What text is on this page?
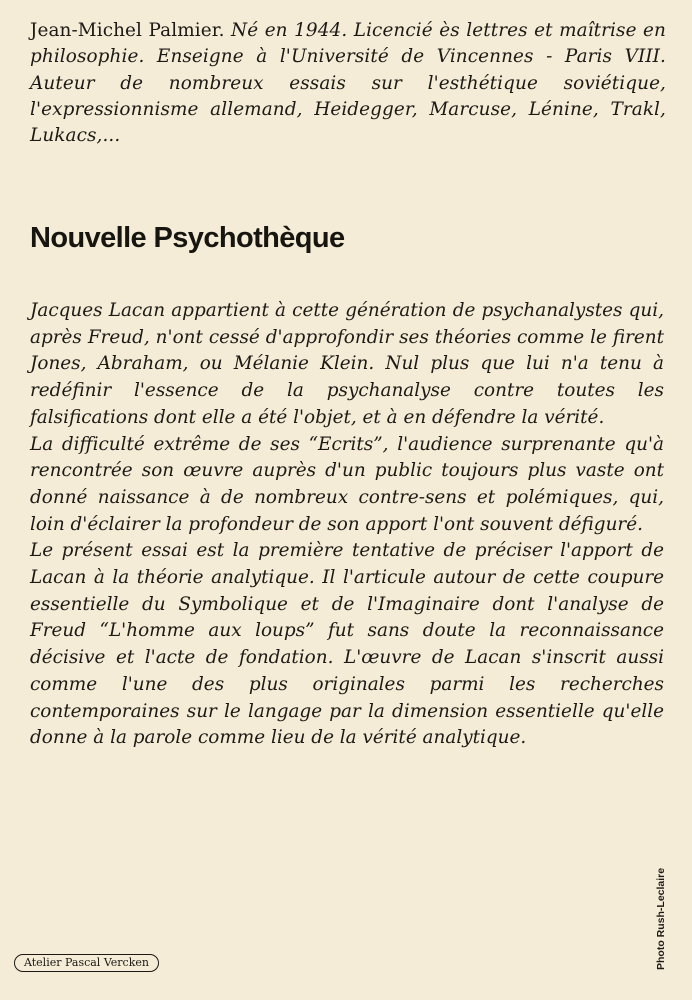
Jean-Michel Palmier. Né en 1944. Licencié ès lettres et maîtrise en philosophie. Enseigne à l'Université de Vincennes - Paris VIII. Auteur de nombreux essais sur l'esthétique soviétique, l'expressionnisme allemand, Heidegger, Marcuse, Lénine, Trakl, Lukacs,...
Nouvelle Psychothèque

Jacques Lacan appartient à cette génération de psychanalystes qui, après Freud, n'ont cessé d'approfondir ses théories comme le firent Jones, Abraham, ou Mélanie Klein. Nul plus que lui n'a tenu à redéfinir l'essence de la psychanalyse contre toutes les falsifications dont elle a été l'objet, et à en défendre la vérité.

La difficulté extrême de ses “Ecrits”, l'audience surprenante qu'à rencontrée son œuvre auprès d'un public toujours plus vaste ont donné naissance à de nombreux contre-sens et polémiques, qui, loin d'éclairer la profondeur de son apport l'ont souvent défiguré.

Le présent essai est la première tentative de préciser l'apport de Lacan à la théorie analytique. Il l'articule autour de cette coupure essentielle du Symbolique et de l'Imaginaire dont l'analyse de Freud “L'homme aux loups” fut sans doute la reconnaissance décisive et l'acte de fondation. L'œuvre de Lacan s'inscrit aussi comme l'une des plus originales parmi les recherches contemporaines sur le langage par la dimension essentielle qu'elle donne à la parole comme lieu de la vérité analytique.

Photo Rush-Leclaire
Atelier Pascal Vercken
